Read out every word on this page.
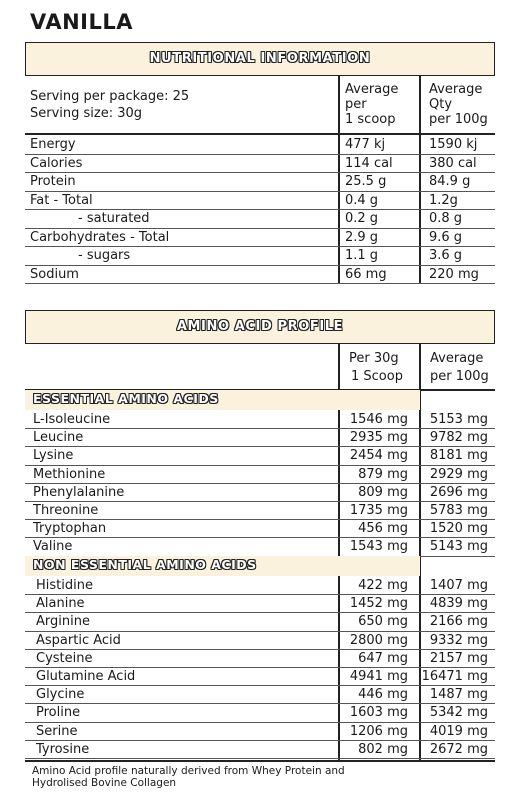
VANILLA
NUTRITIONAL INFORMATION
Serving per package: 25
Serving size: 30g
Average
per
1 scoop
Average
Qty
per 100g
Energy	477 kj	1590 kj
Calories	114 cal	380 cal
Protein	25.5 g	84.9 g
Fat - Total	0.4 g	1.2g
- saturated	0.2 g	0.8 g
Carbohydrates - Total	2.9 g	9.6 g
- sugars	1.1 g	3.6 g
Sodium	66 mg	220 mg
AMINO ACID PROFILE
Per 30g
1 Scoop
Average
per 100g
ESSENTIAL AMINO ACIDS
L-Isoleucine	1546 mg	5153 mg
Leucine	2935 mg	9782 mg
Lysine	2454 mg	8181 mg
Methionine	879 mg	2929 mg
Phenylalanine	809 mg	2696 mg
Threonine	1735 mg	5783 mg
Tryptophan	456 mg	1520 mg
Valine	1543 mg	5143 mg
NON ESSENTIAL AMINO ACIDS
Histidine	422 mg	1407 mg
Alanine	1452 mg	4839 mg
Arginine	650 mg	2166 mg
Aspartic Acid	2800 mg	9332 mg
Cysteine	647 mg	2157 mg
Glutamine Acid	4941 mg 16471 mg
Glycine	446 mg	1487 mg
Proline	1603 mg	5342 mg
Serine	1206 mg	4019 mg
Tyrosine	802 mg	2672 mg
Amino Acid profile naturally derived from Whey Protein and
Hydrolised Bovine Collagen
